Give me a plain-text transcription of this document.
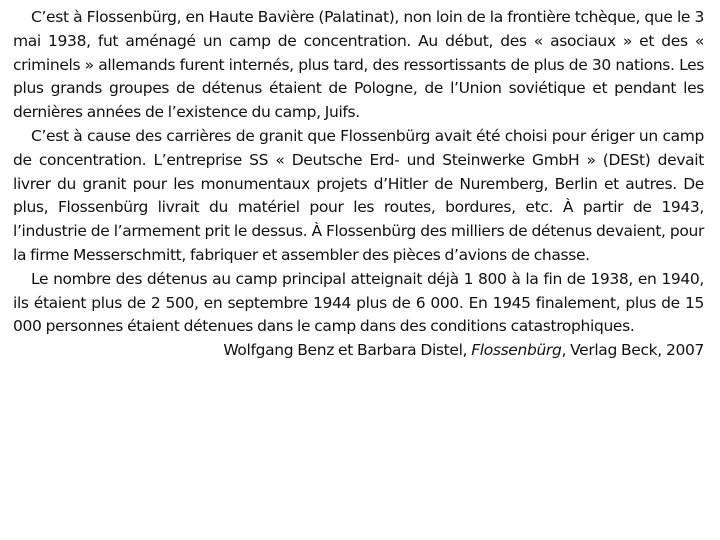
C’est à Flossenbürg, en Haute Bavière (Palatinat), non loin de la frontière tchèque, que le 3 mai 1938, fut aménagé un camp de concentration. Au début, des « asociaux » et des « criminels » allemands furent internés, plus tard, des ressortissants de plus de 30 nations. Les plus grands groupes de détenus étaient de Pologne, de l’Union soviétique et pendant les dernières années de l’existence du camp, Juifs.

C’est à cause des carrières de granit que Flossenbürg avait été choisi pour ériger un camp de concentration. L’entreprise SS « Deutsche Erd- und Steinwerke GmbH » (DESt) devait livrer du granit pour les monumentaux projets d’Hitler de Nuremberg, Berlin et autres. De plus, Flossenbürg livrait du matériel pour les routes, bordures, etc. À partir de 1943, l’industrie de l’armement prit le dessus. À Flossenbürg des milliers de détenus devaient, pour la firme Messerschmitt, fabriquer et assembler des pièces d’avions de chasse.

Le nombre des détenus au camp principal atteignait déjà 1 800 à la fin de 1938, en 1940, ils étaient plus de 2 500, en septembre 1944 plus de 6 000. En 1945 finalement, plus de 15 000 personnes étaient détenues dans le camp dans des conditions catastrophiques.

Wolfgang Benz et Barbara Distel, Flossenbürg, Verlag Beck, 2007
